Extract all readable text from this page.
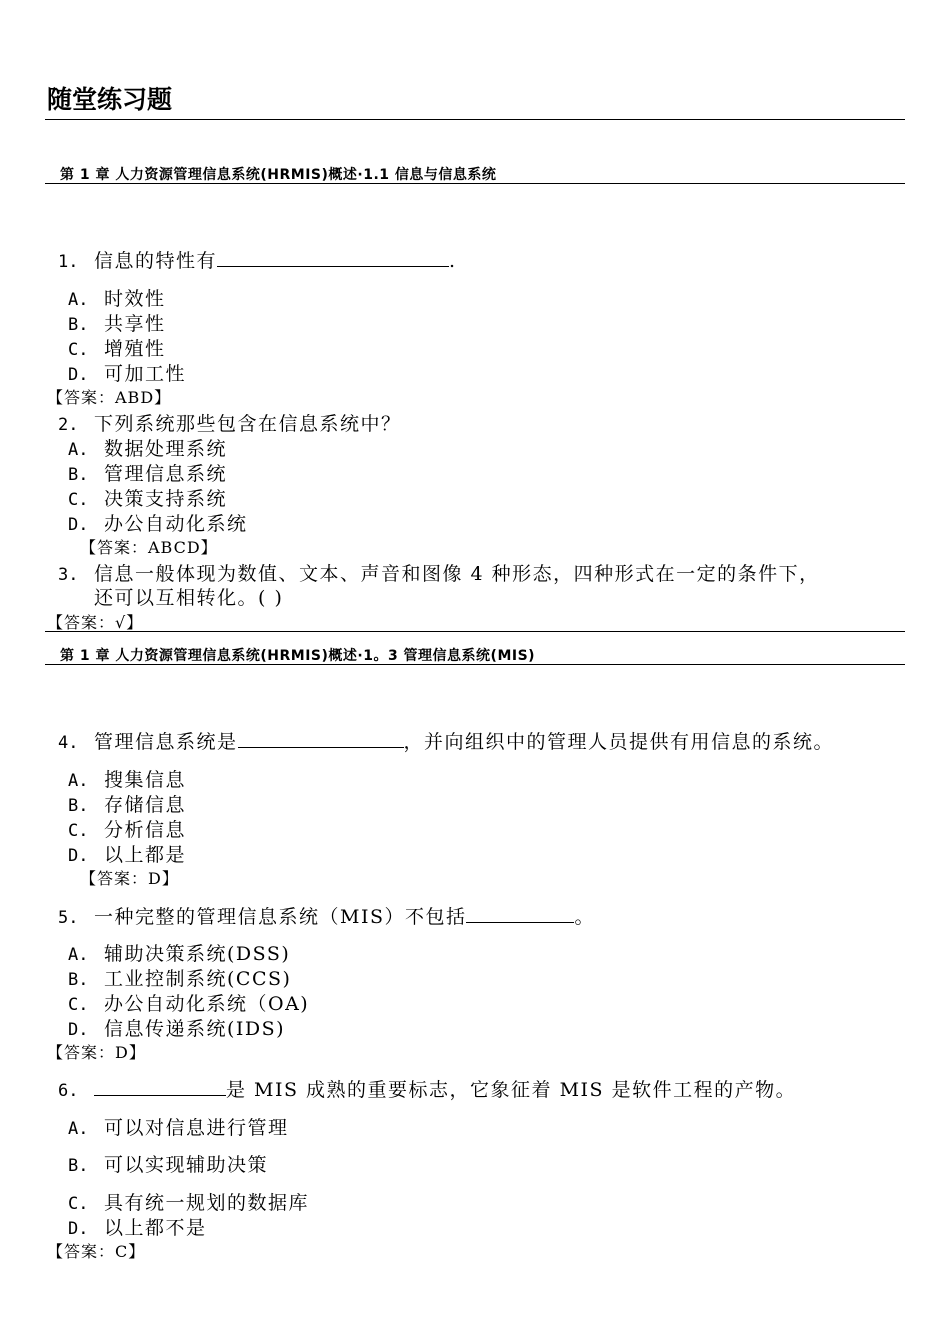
随堂练习题
第 1 章 人力资源管理信息系统(HRMIS)概述·1.1 信息与信息系统
1. 信息的特性有	.
A. 时效性
B. 共享性
C. 增殖性
D. 可加工性
【答案：ABD】
2. 下列系统那些包含在信息系统中？
A. 数据处理系统
B. 管理信息系统
C. 决策支持系统
D. 办公自动化系统
【答案：ABCD】
3. 信息一般体现为数值、文本、声音和图像 4 种形态，四种形式在一定的条件下，
还可以互相转化。( )
【答案：√】
第 1 章 人力资源管理信息系统(HRMIS)概述·1。3 管理信息系统(MIS)
4. 管理信息系统是	，并向组织中的管理人员提供有用信息的系统。
A. 搜集信息
B. 存储信息
C. 分析信息
D. 以上都是
【答案：D】
5. 一种完整的管理信息系统（MIS）不包括	。
A. 辅助决策系统(DSS)
B. 工业控制系统(CCS)
C. 办公自动化系统（OA)
D. 信息传递系统(IDS)
【答案：D】
6.	是 MIS 成熟的重要标志，它象征着 MIS 是软件工程的产物。
A. 可以对信息进行管理
B. 可以实现辅助决策
C. 具有统一规划的数据库
D. 以上都不是
【答案：C】
